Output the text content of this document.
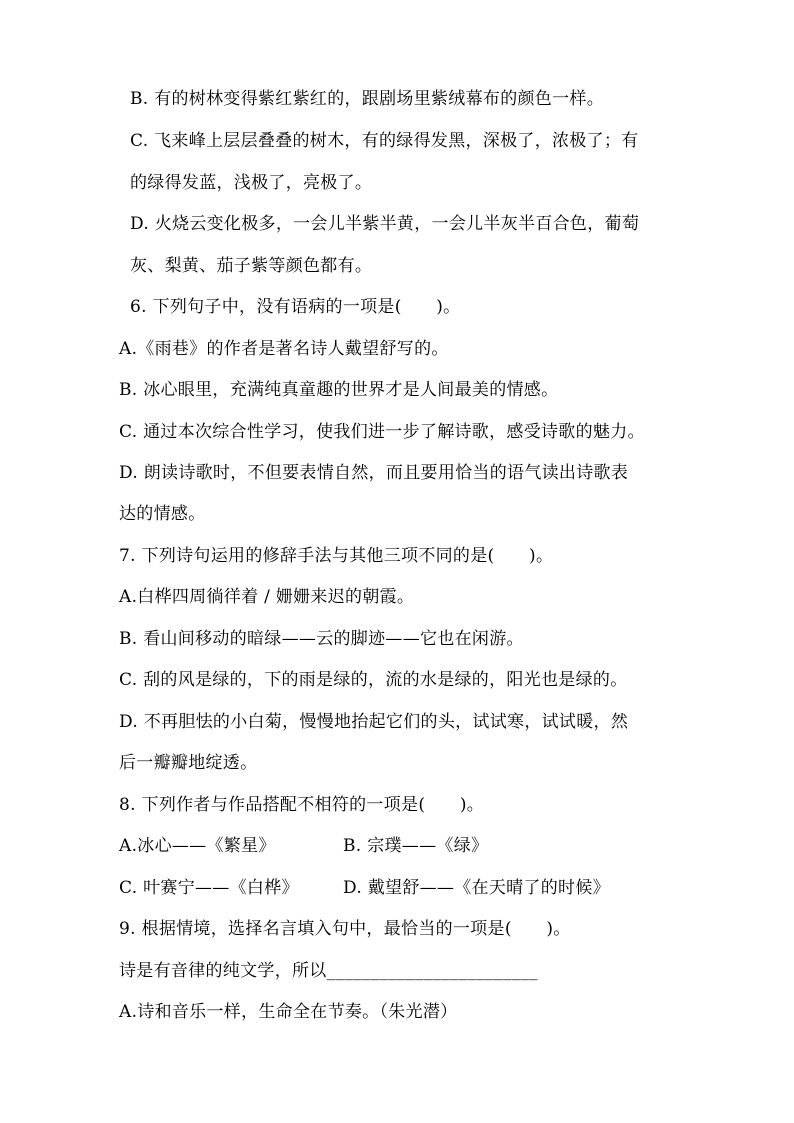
B. 有的树林变得紫红紫红的，跟剧场里紫绒幕布的颜色一样。
C. 飞来峰上层层叠叠的树木，有的绿得发黑，深极了，浓极了；有
的绿得发蓝，浅极了，亮极了。
D. 火烧云变化极多，一会儿半紫半黄，一会儿半灰半百合色，葡萄
灰、梨黄、茄子紫等颜色都有。
6. 下列句子中，没有语病的一项是(　　)。
A.《雨巷》的作者是著名诗人戴望舒写的。
B. 冰心眼里，充满纯真童趣的世界才是人间最美的情感。
C. 通过本次综合性学习，使我们进一步了解诗歌，感受诗歌的魅力。
D. 朗读诗歌时，不但要表情自然，而且要用恰当的语气读出诗歌表
达的情感。
7. 下列诗句运用的修辞手法与其他三项不同的是(　　)。
A.白桦四周徜徉着 / 姗姗来迟的朝霞。
B. 看山间移动的暗绿——云的脚迹——它也在闲游。
C. 刮的风是绿的，下的雨是绿的，流的水是绿的，阳光也是绿的。
D. 不再胆怯的小白菊，慢慢地抬起它们的头，试试寒，试试暖，然
后一瓣瓣地绽透。
8. 下列作者与作品搭配不相符的一项是(　　)。
A.冰心——《繁星》	B. 宗璞——《绿》
C. 叶赛宁——《白桦》	D. 戴望舒——《在天晴了的时候》
9. 根据情境，选择名言填入句中，最恰当的一项是(　　)。
诗是有音律的纯文学，所以________________________
A.诗和音乐一样，生命全在节奏。（朱光潜）
